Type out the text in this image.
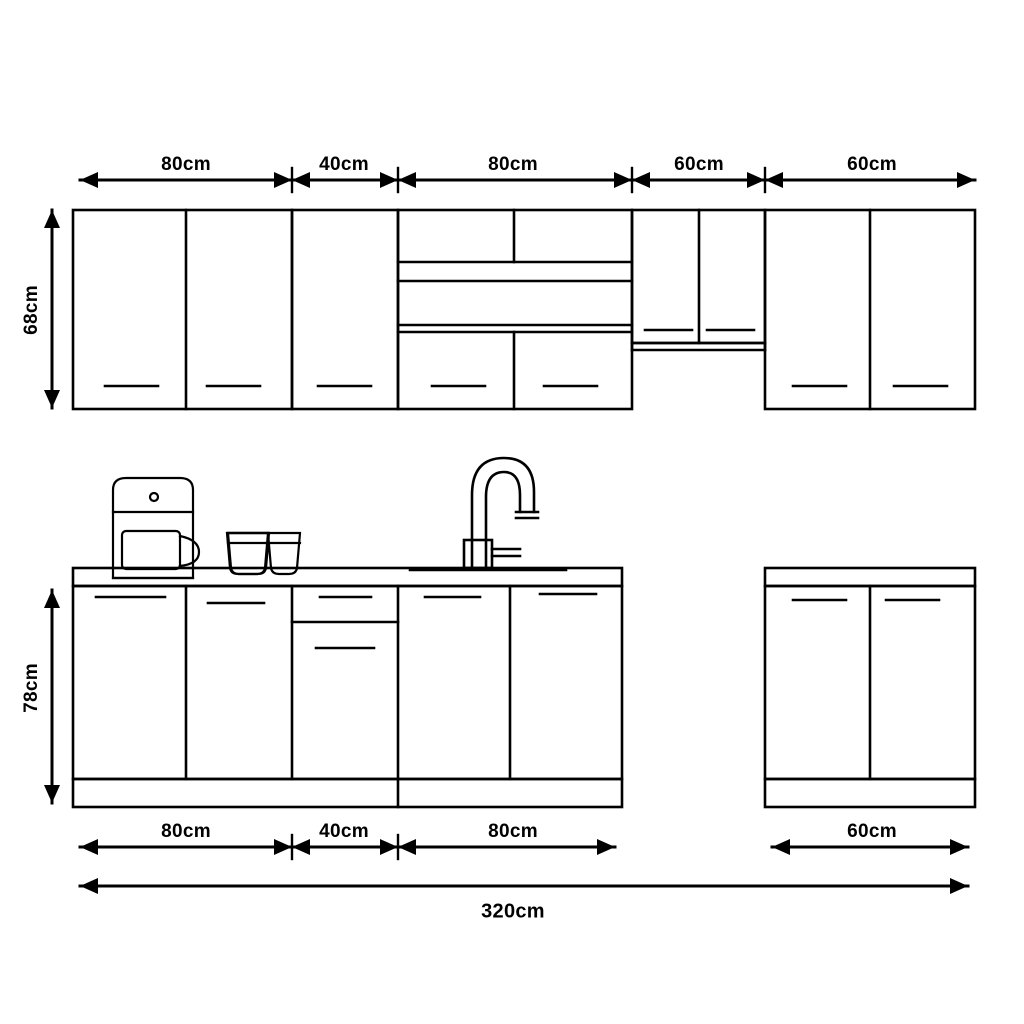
80cm	40cm	80cm	60cm	60cm
68cm
78cm
80cm	40cm	80cm	60cm
320cm
